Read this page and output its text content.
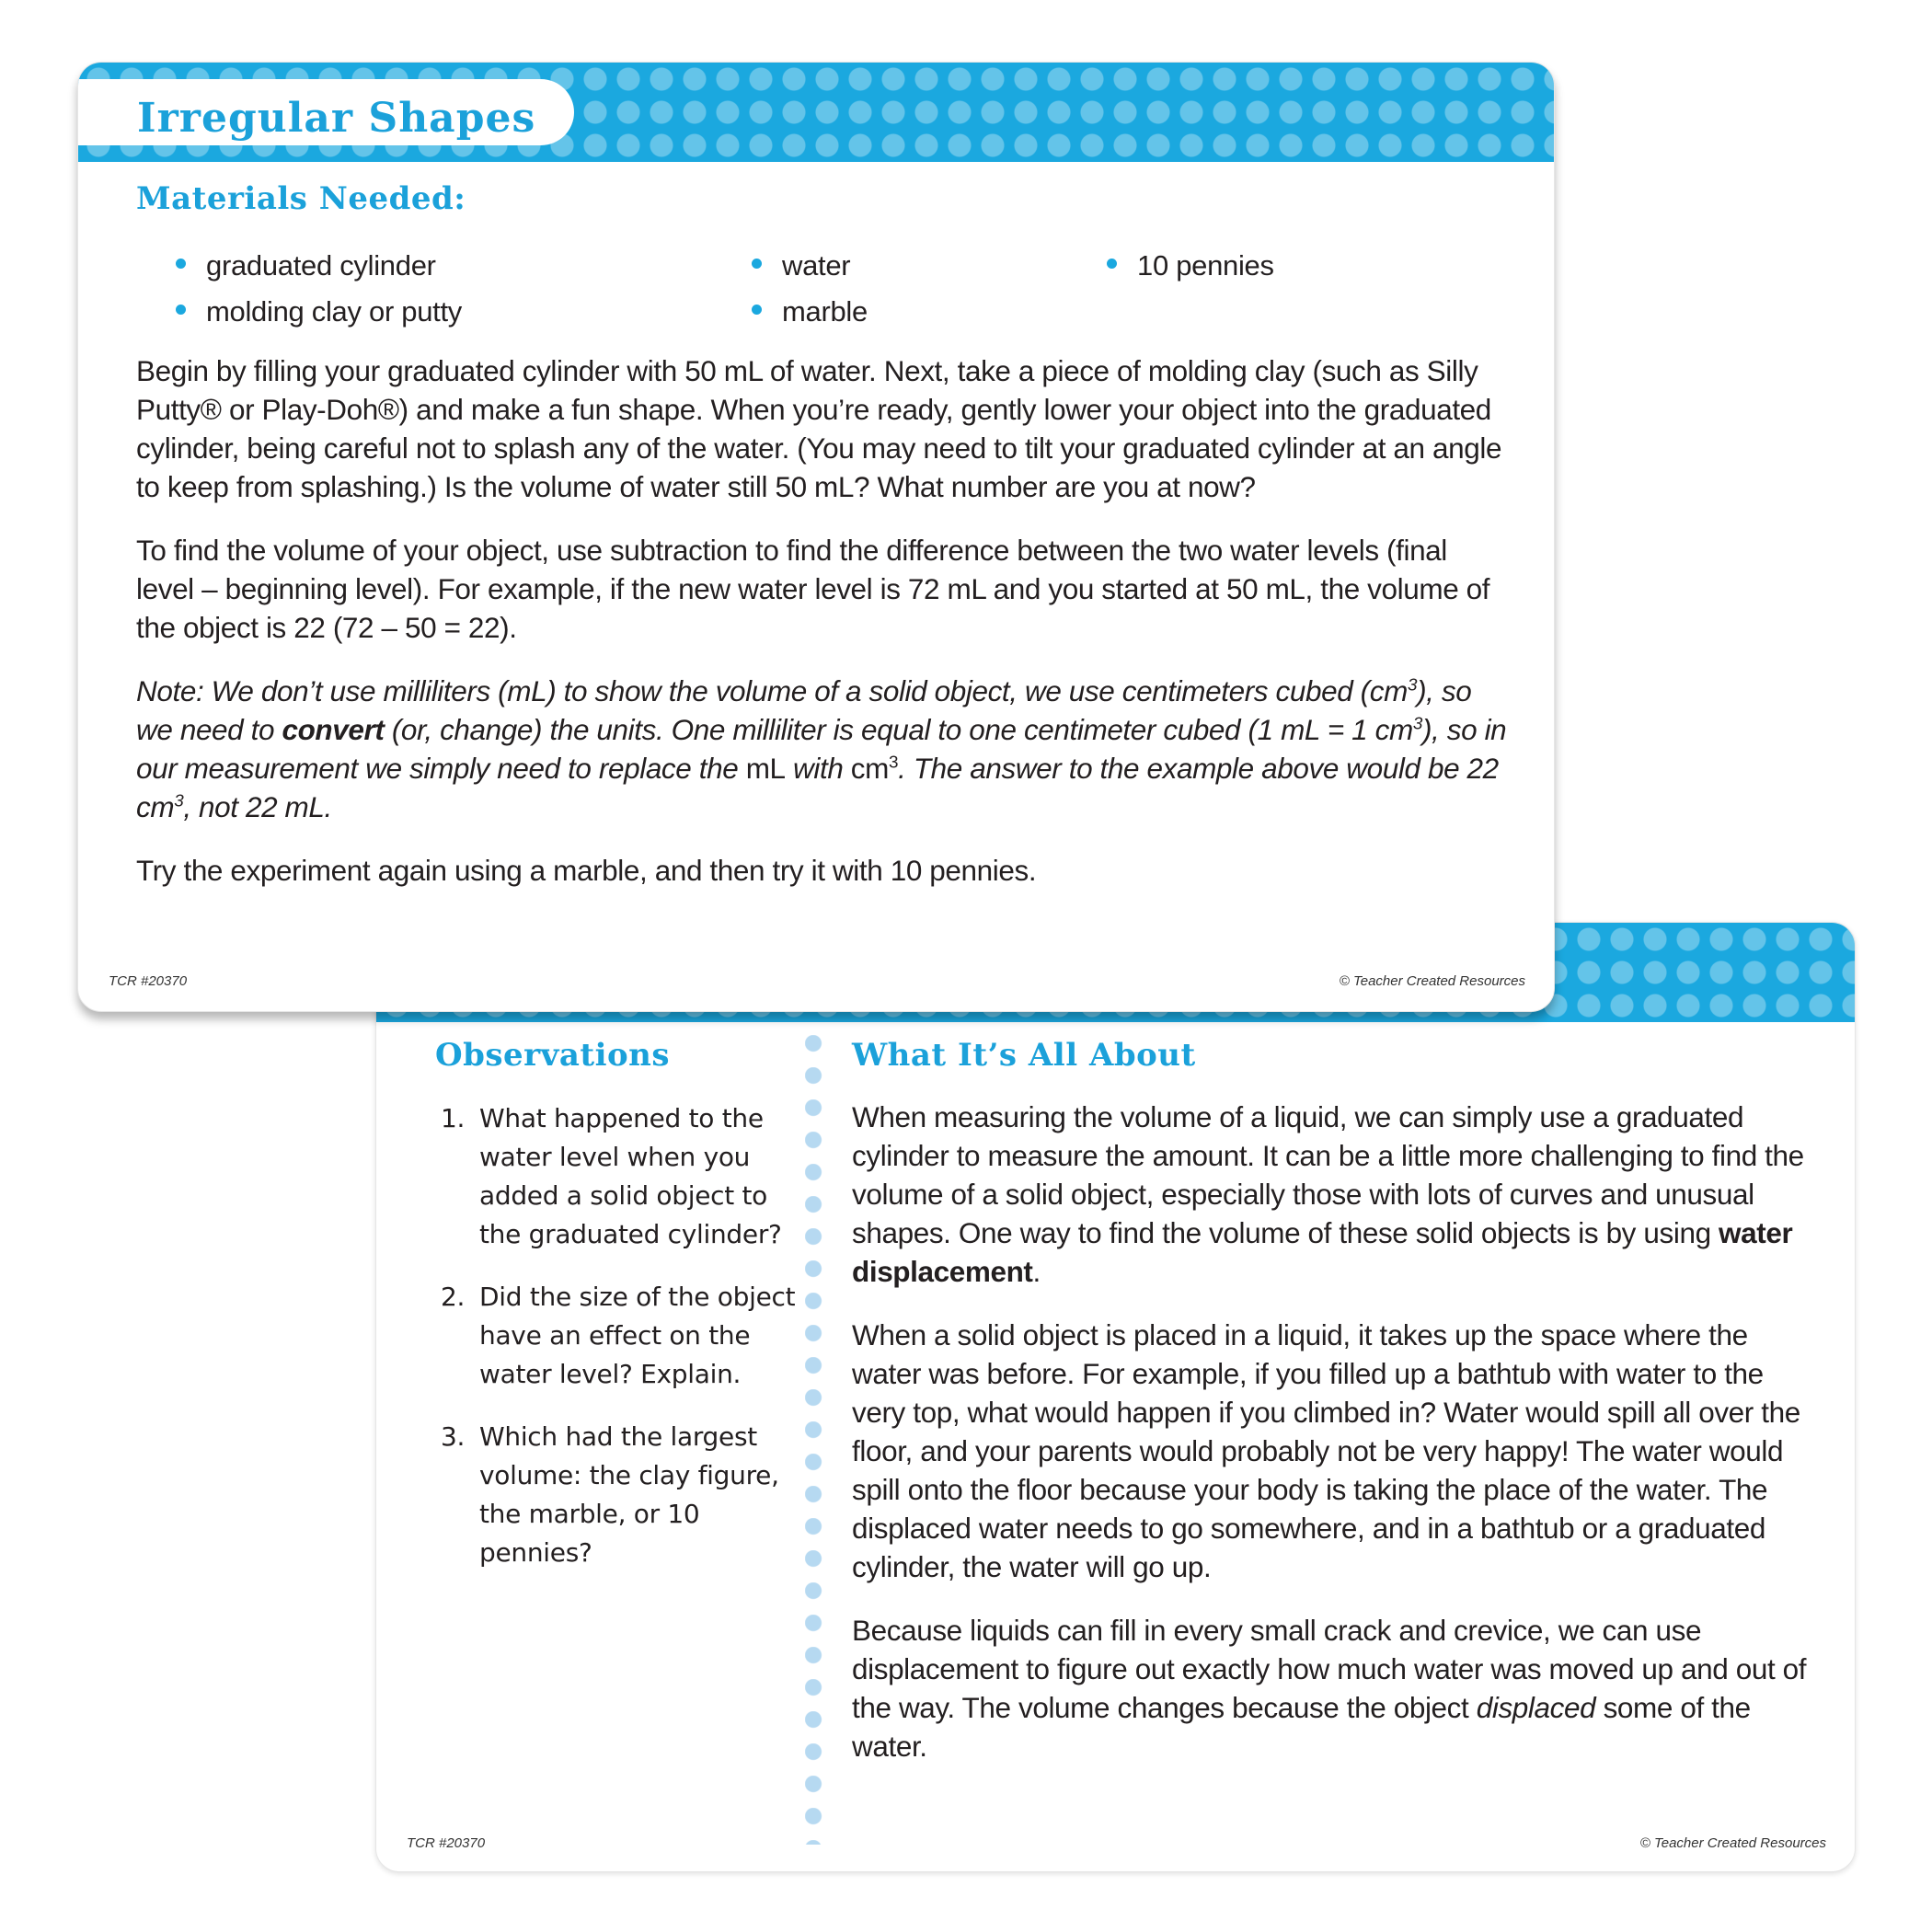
Observations
1. What happened to the water level when you added a solid object to the graduated cylinder?
2. Did the size of the object have an effect on the water level? Explain.
3. Which had the largest volume: the clay figure, the marble, or 10 pennies?
What It’s All About

When measuring the volume of a liquid, we can simply use a graduated cylinder to measure the amount. It can be a little more challenging to find the volume of a solid object, especially those with lots of curves and unusual shapes. One way to find the volume of these solid objects is by using water displacement.

When a solid object is placed in a liquid, it takes up the space where the water was before. For example, if you filled up a bathtub with water to the very top, what would happen if you climbed in? Water would spill all over the floor, and your parents would probably not be very happy! The water would spill onto the floor because your body is taking the place of the water. The displaced water needs to go somewhere, and in a bathtub or a graduated cylinder, the water will go up.

Because liquids can fill in every small crack and crevice, we can use displacement to figure out exactly how much water was moved up and out of the way. The volume changes because the object displaced some of the water.

TCR #20370	© Teacher Created Resources
Irregular Shapes
Materials Needed:
graduated cylinder
molding clay or putty
water
marble
10 pennies

Begin by filling your graduated cylinder with 50 mL of water. Next, take a piece of molding clay (such as Silly Putty® or Play-Doh®) and make a fun shape. When you’re ready, gently lower your object into the graduated cylinder, being careful not to splash any of the water. (You may need to tilt your graduated cylinder at an angle to keep from splashing.) Is the volume of water still 50 mL? What number are you at now?

To find the volume of your object, use subtraction to find the difference between the two water levels (final level – beginning level). For example, if the new water level is 72 mL and you started at 50 mL, the volume of the object is 22 (72 – 50 = 22).

Note: We don’t use milliliters (mL) to show the volume of a solid object, we use centimeters cubed $(cm^3)$, so we need to convert (or, change) the units. One milliliter is equal to one centimeter cubed (1 mL = 1 $cm^3$), so in our measurement we simply need to replace the mL with $cm^3$. The answer to the example above would be 22 $cm^3$, not 22 mL.

Try the experiment again using a marble, and then try it with 10 pennies.

TCR #20370	© Teacher Created Resources
